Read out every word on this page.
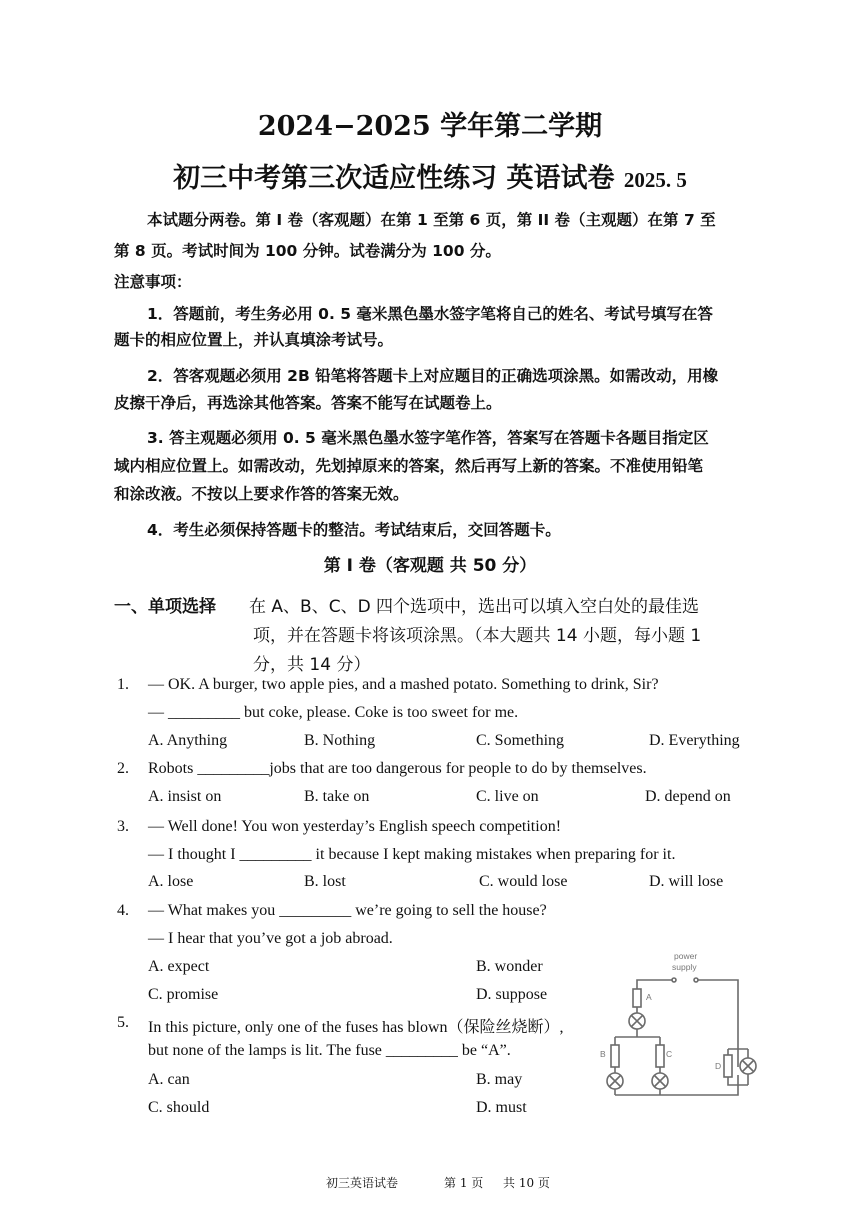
2024−2025 学年第二学期
初三中考第三次适应性练习 英语试卷 2025. 5
本试题分两卷。第 I 卷（客观题）在第 1 至第 6 页，第 II 卷（主观题）在第 7 至
第 8 页。考试时间为 100 分钟。试卷满分为 100 分。
注意事项：
1．答题前，考生务必用 0. 5 毫米黑色墨水签字笔将自己的姓名、考试号填写在答
题卡的相应位置上，并认真填涂考试号。
2．答客观题必须用 2B 铅笔将答题卡上对应题目的正确选项涂黑。如需改动，用橡
皮擦干净后，再选涂其他答案。答案不能写在试题卷上。
3. 答主观题必须用 0. 5 毫米黑色墨水签字笔作答，答案写在答题卡各题目指定区
域内相应位置上。如需改动，先划掉原来的答案，然后再写上新的答案。不准使用铅笔
和涂改液。不按以上要求作答的答案无效。
4．考生必须保持答题卡的整洁。考试结束后，交回答题卡。
第 I 卷（客观题 共 50 分）
一、单项选择 在 A、B、C、D 四个选项中，选出可以填入空白处的最佳选
项，并在答题卡将该项涂黑。（本大题共 14 小题，每小题 1
分，共 14 分）
1. — OK. A burger, two apple pies, and a mashed potato. Something to drink, Sir?
— _________ but coke, please. Coke is too sweet for me.
A. Anything	B. Nothing	C. Something	D. Everything
2. Robots _________jobs that are too dangerous for people to do by themselves.
A. insist on	B. take on	C. live on	D. depend on
3. — Well done! You won yesterday’s English speech competition!
— I thought I _________ it because I kept making mistakes when preparing for it.
A. lose	B. lost	C. would lose	D. will lose
4. — What makes you _________ we’re going to sell the house?
— I hear that you’ve got a job abroad.
A. expect	B. wonder
C. promise	D. suppose
5. In this picture, only one of the fuses has blown（保险丝烧断）,
but none of the lamps is lit. The fuse _________ be “A”.
A. can	B. may
C. should	D. must
power
supply
A
B	C
D
初三英语试卷	第 1 页 共 10 页
